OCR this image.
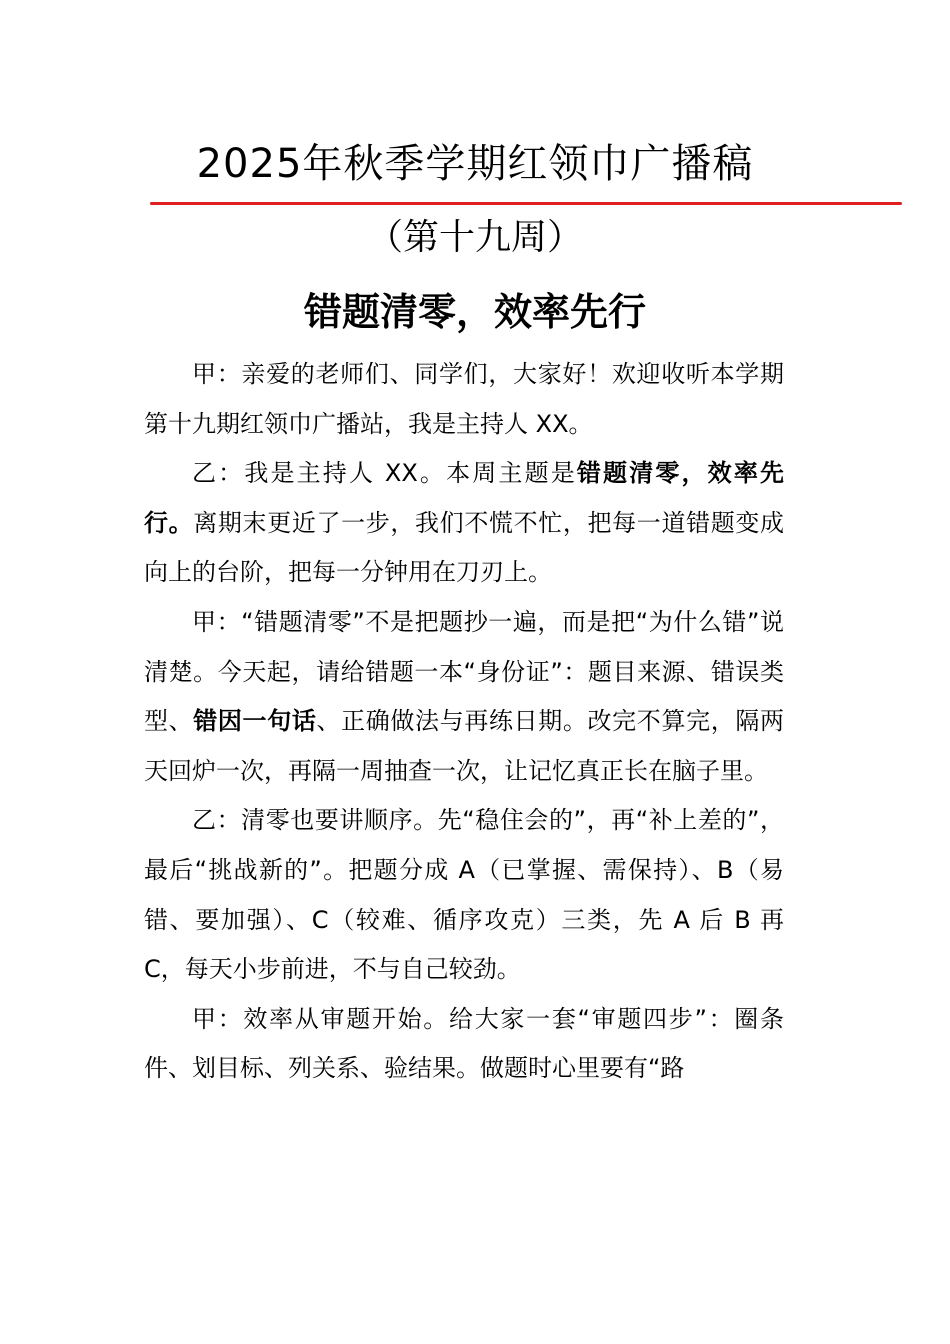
2025年秋季学期红领巾广播稿
（第十九周）
错题清零，效率先行

甲：亲爱的老师们、同学们，大家好！欢迎收听本学期第十九期红领巾广播站，我是主持人 XX。

乙：我是主持人 XX。本周主题是错题清零，效率先行。离期末更近了一步，我们不慌不忙，把每一道错题变成向上的台阶，把每一分钟用在刀刃上。

甲：“错题清零”不是把题抄一遍，而是把“为什么错”说清楚。今天起，请给错题一本“身份证”：题目来源、错误类型、错因一句话、正确做法与再练日期。改完不算完，隔两天回炉一次，再隔一周抽查一次，让记忆真正长在脑子里。

乙：清零也要讲顺序。先“稳住会的”，再“补上差的”，最后“挑战新的”。把题分成 A（已掌握、需保持）、B（易错、要加强）、C（较难、循序攻克）三类，先 A 后 B 再 C，每天小步前进，不与自己较劲。

甲：效率从审题开始。给大家一套“审题四步”：圈条件、划目标、列关系、验结果。做题时心里要有“路
